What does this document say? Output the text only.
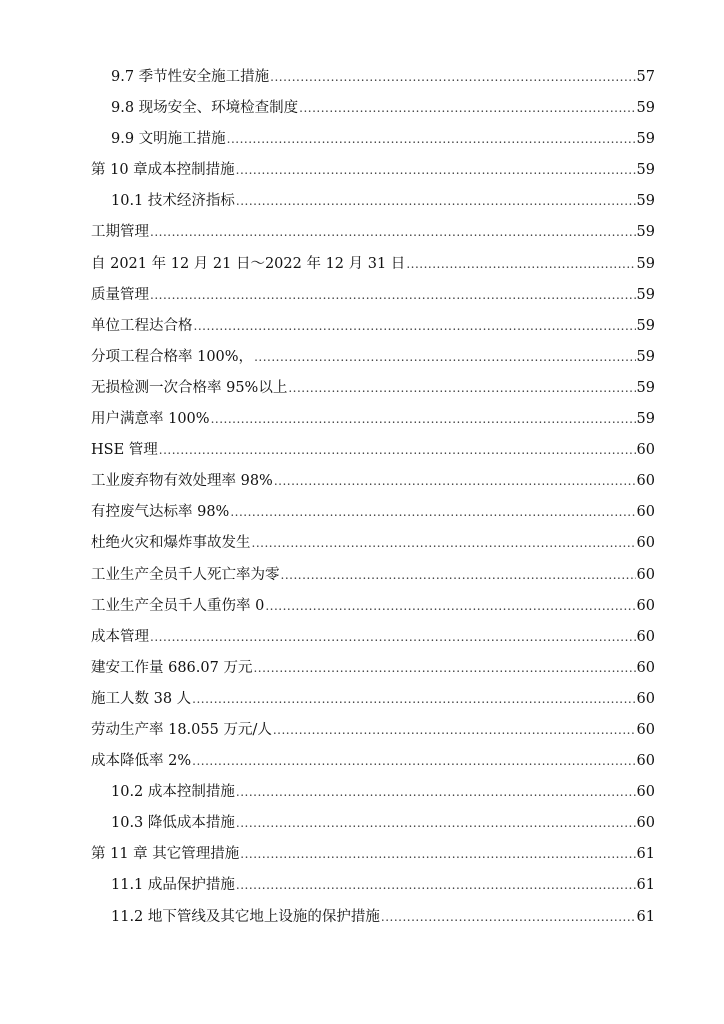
9.7 季节性安全施工措施 .....	57
9.8 现场安全、环境检查制度 .....	59
9.9 文明施工措施 .....	59
第 10 章成本控制措施 .....	59
10.1 技术经济指标 .....	59
工期管理 .....	59
自 2021 年 12 月 21 日～2022 年 12 月 31 日 .....	59
质量管理 .....	59
单位工程达合格 .....	59
分项工程合格率 100%， .....	59
无损检测一次合格率 95%以上 .....	59
用户满意率 100% .....	59
HSE 管理 .....	60
工业废弃物有效处理率 98% .....	60
有控废气达标率 98% .....	60
杜绝火灾和爆炸事故发生 .....	60
工业生产全员千人死亡率为零 .....	60
工业生产全员千人重伤率 0 .....	60
成本管理 .....	60
建安工作量 686.07 万元 .....	60
施工人数 38 人 .....	60
劳动生产率 18.055 万元/人 .....	60
成本降低率 2% .....	60
10.2 成本控制措施 .....	60
10.3 降低成本措施 .....	60
第 11 章 其它管理措施 .....	61
11.1 成品保护措施 .....	61
11.2 地下管线及其它地上设施的保护措施 .....	61
